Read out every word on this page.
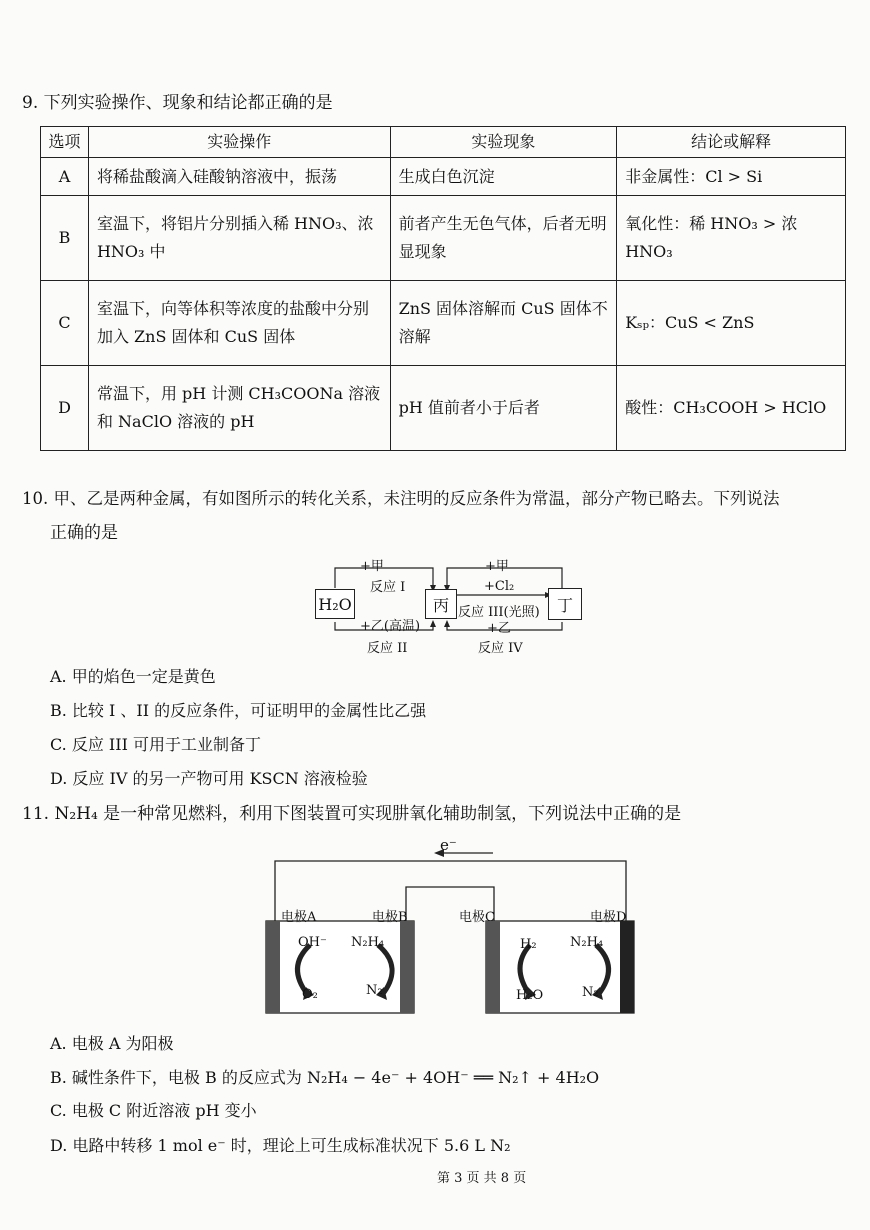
9. 下列实验操作、现象和结论都正确的是
选项	实验操作	实验现象	结论或解释
A	将稀盐酸滴入硅酸钠溶液中，振荡	生成白色沉淀	非金属性：Cl > Si
B	室温下，将铝片分别插入稀 HNO₃、浓 HNO₃ 中	前者产生无色气体，后者无明显现象	氧化性：稀 HNO₃ > 浓 HNO₃
C	室温下，向等体积等浓度的盐酸中分别加入 ZnS 固体和 CuS 固体	ZnS 固体溶解而 CuS 固体不溶解	Kₛₚ：CuS < ZnS
D	常温下，用 pH 计测 CH₃COONa 溶液和 NaClO 溶液的 pH	pH 值前者小于后者	酸性：CH₃COOH > HClO
10. 甲、乙是两种金属，有如图所示的转化关系，未注明的反应条件为常温，部分产物已略去。下列说法
正确的是
H₂O	丙	丁
+甲
反应 I
+乙(高温)
反应 II
+甲
+Cl₂
反应 III(光照)
+乙
反应 IV
A. 甲的焰色一定是黄色
B. 比较 I 、II 的反应条件，可证明甲的金属性比乙强
C. 反应 III 可用于工业制备丁
D. 反应 IV 的另一产物可用 KSCN 溶液检验
11. N₂H₄ 是一种常见燃料，利用下图装置可实现肼氧化辅助制氢，下列说法中正确的是
e⁻
电极A	电极B	电极C	电极D
OH⁻
O₂
N₂H₄
N₂
H₂
H₂O
N₂H₄
N₂
A. 电极 A 为阳极
B. 碱性条件下，电极 B 的反应式为 N₂H₄ − 4e⁻ + 4OH⁻ ══ N₂↑ + 4H₂O
C. 电极 C 附近溶液 pH 变小
D. 电路中转移 1 mol e⁻ 时，理论上可生成标准状况下 5.6 L N₂
第 3 页 共 8 页
